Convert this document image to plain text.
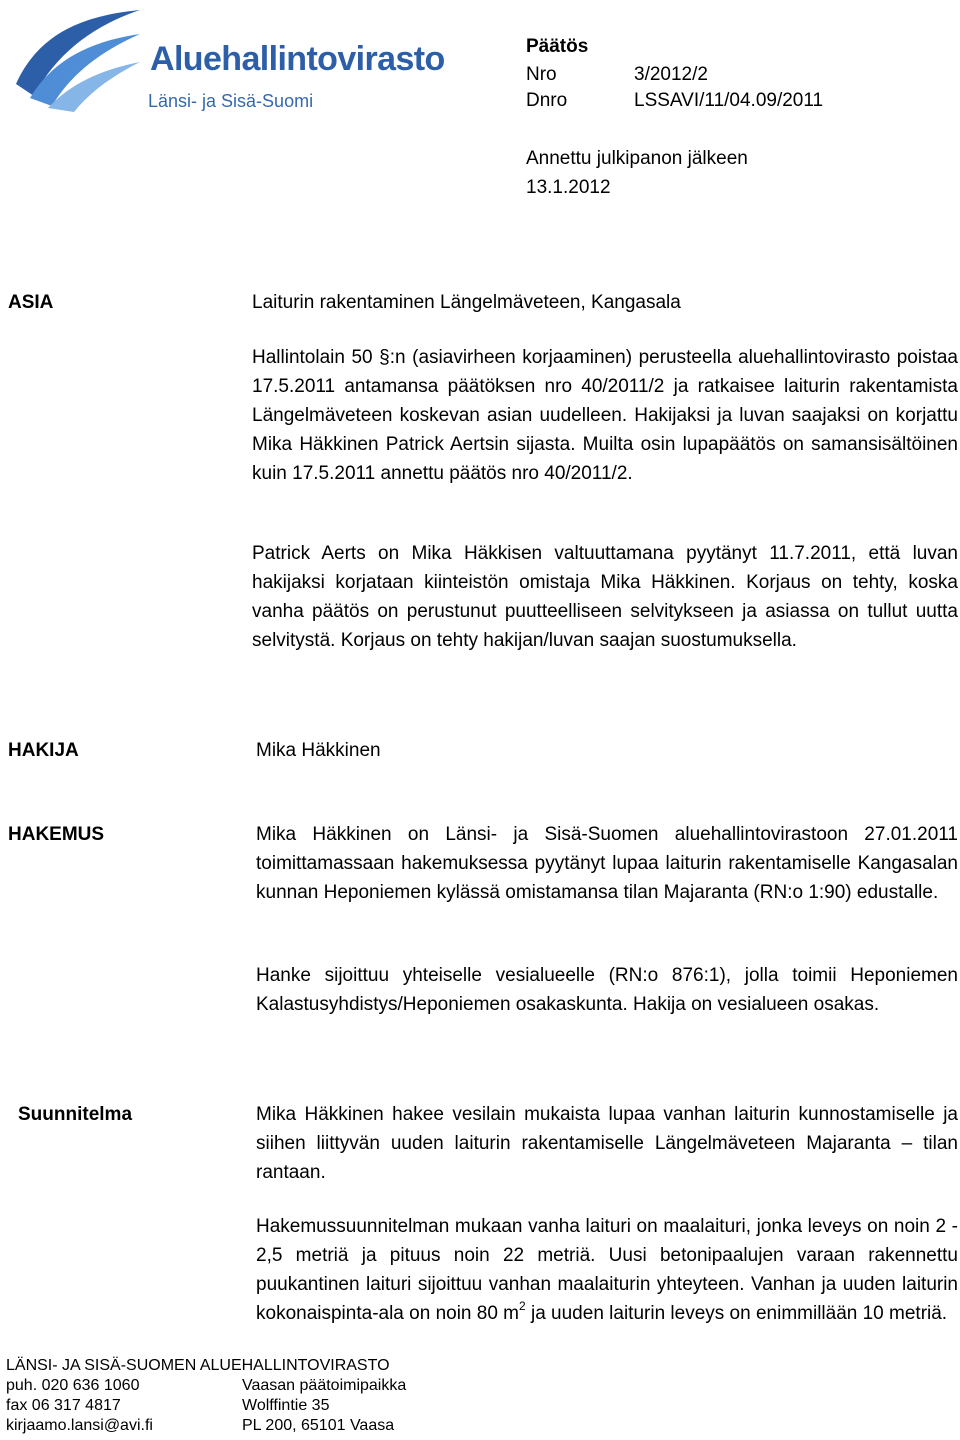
Aluehallintovirasto
Länsi- ja Sisä-Suomi
Päätös
Nro	3/2012/2
Dnro	LSSAVI/11/04.09/2011
Annettu julkipanon jälkeen
13.1.2012
ASIA	Laiturin rakentaminen Längelmäveteen, Kangasala
Hallintolain 50 §:n (asiavirheen korjaaminen) perusteella aluehallintovirasto poistaa 17.5.2011 antamansa päätöksen nro 40/2011/2 ja ratkaisee laiturin rakentamista Längelmäveteen koskevan asian uudelleen. Hakijaksi ja luvan saajaksi on korjattu Mika Häkkinen Patrick Aertsin sijasta. Muilta osin lupapäätös on samansisältöinen kuin 17.5.2011 annettu päätös nro 40/2011/2.
Patrick Aerts on Mika Häkkisen valtuuttamana pyytänyt 11.7.2011, että luvan hakijaksi korjataan kiinteistön omistaja Mika Häkkinen. Korjaus on tehty, koska vanha päätös on perustunut puutteelliseen selvitykseen ja asiassa on tullut uutta selvitystä. Korjaus on tehty hakijan/luvan saajan suostumuksella.
HAKIJA	Mika Häkkinen
HAKEMUS	Mika Häkkinen on Länsi- ja Sisä-Suomen aluehallintovirastoon 27.01.2011 toimittamassaan hakemuksessa pyytänyt lupaa laiturin rakentamiselle Kangasalan kunnan Heponiemen kylässä omistamansa tilan Majaranta (RN:o 1:90) edustalle.
Hanke sijoittuu yhteiselle vesialueelle (RN:o 876:1), jolla toimii Heponiemen Kalastusyhdistys/Heponiemen osakaskunta. Hakija on vesialueen osakas.
Suunnitelma	Mika Häkkinen hakee vesilain mukaista lupaa vanhan laiturin kunnostamiselle ja siihen liittyvän uuden laiturin rakentamiselle Längelmäveteen Majaranta – tilan rantaan.
Hakemussuunnitelman mukaan vanha laituri on maalaituri, jonka leveys on noin 2 - 2,5 metriä ja pituus noin 22 metriä. Uusi betonipaalujen varaan rakennettu puukantinen laituri sijoittuu vanhan maalaiturin yhteyteen. Vanhan ja uuden laiturin kokonaispinta-ala on noin 80 $m^2$ ja uuden laiturin leveys on enimmillään 10 metriä.
LÄNSI- JA SISÄ-SUOMEN ALUEHALLINTOVIRASTO
puh. 020 636 1060
fax 06 317 4817
kirjaamo.lansi@avi.fi
Vaasan päätoimipaikka
Wolffintie 35
PL 200, 65101 Vaasa
